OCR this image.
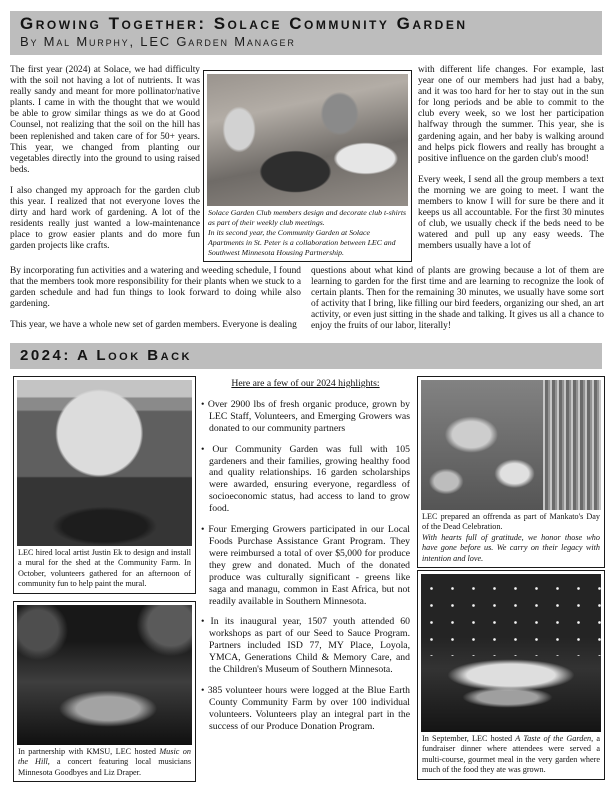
Growing Together: Solace Community Garden
By Mal Murphy, LEC Garden Manager

The first year (2024) at Solace, we had difficulty with the soil not having a lot of nutrients. It was really sandy and meant for more pollinator/native plants. I came in with the thought that we would be able to grow similar things as we do at Good Counsel, not realizing that the soil on the hill has been replenished and taken care of for 50+ years. This year, we changed from planting our vegetables directly into the ground to using raised beds.

I also changed my approach for the garden club this year. I realized that not everyone loves the dirty and hard work of gardening. A lot of the residents really just wanted a low-maintenance place to grow easier plants and do more fun garden projects like crafts.

Solace Garden Club members design and decorate club t-shirts as part of their weekly club meetings.

In its second year, the Community Garden at Solace Apartments in St. Peter is a collaboration between LEC and Southwest Minnesota Housing Partnership.

with different life changes. For example, last year one of our members had just had a baby, and it was too hard for her to stay out in the sun for long periods and be able to commit to the club every week, so we lost her participation halfway through the summer. This year, she is gardening again, and her baby is walking around and helps pick flowers and really has brought a positive influence on the garden club's mood!

Every week, I send all the group members a text the morning we are going to meet. I want the members to know I will for sure be there and it keeps us all accountable. For the first 30 minutes of club, we usually check if the beds need to be watered and pull up any easy weeds. The members usually have a lot of

By incorporating fun activities and a watering and weeding schedule, I found that the members took more responsibility for their plants when we stuck to a garden schedule and had fun things to look forward to doing while also gardening.

This year, we have a whole new set of garden members. Everyone is dealing

questions about what kind of plants are growing because a lot of them are learning to garden for the first time and are learning to recognize the look of certain plants. Then for the remaining 30 minutes, we usually have some sort of activity that I bring, like filling our bird feeders, organizing our shed, an art activity, or even just sitting in the shade and talking. It gives us all a chance to enjoy the fruits of our labor, literally!

2024: A Look Back

LEC hired local artist Justin Ek to design and install a mural for the shed at the Community Farm. In October, volunteers gathered for an afternoon of community fun to help paint the mural.

In partnership with KMSU, LEC hosted Music on the Hill, a concert featuring local musicians Minnesota Goodbyes and Liz Draper.

Here are a few of our 2024 highlights:

• Over 2900 lbs of fresh organic produce, grown by LEC Staff, Volunteers, and Emerging Growers was donated to our community partners

• Our Community Garden was full with 105 gardeners and their families, growing healthy food and quality relationships. 16 garden scholarships were awarded, ensuring everyone, regardless of socioeconomic status, had access to land to grow food.

• Four Emerging Growers participated in our Local Foods Purchase Assistance Grant Program. They were reimbursed a total of over $5,000 for produce they grew and donated. Much of the donated produce was culturally significant - greens like saga and managu, common in East Africa, but not readily available in Southern Minnesota.

• In its inaugural year, 1507 youth attended 60 workshops as part of our Seed to Sauce Program. Partners included ISD 77, MY Place, Loyola, YMCA, Generations Child & Memory Care, and the Children's Museum of Southern Minnesota.

• 385 volunteer hours were logged at the Blue Earth County Community Farm by over 100 individual volunteers. Volunteers play an integral part in the success of our Produce Donation Program.

LEC prepared an offrenda as part of Mankato's Day of the Dead Celebration.

With hearts full of gratitude, we honor those who have gone before us. We carry on their legacy with intention and love.

In September, LEC hosted A Taste of the Garden, a fundraiser dinner where attendees were served a multi-course, gourmet meal in the very garden where much of the food they ate was grown.
